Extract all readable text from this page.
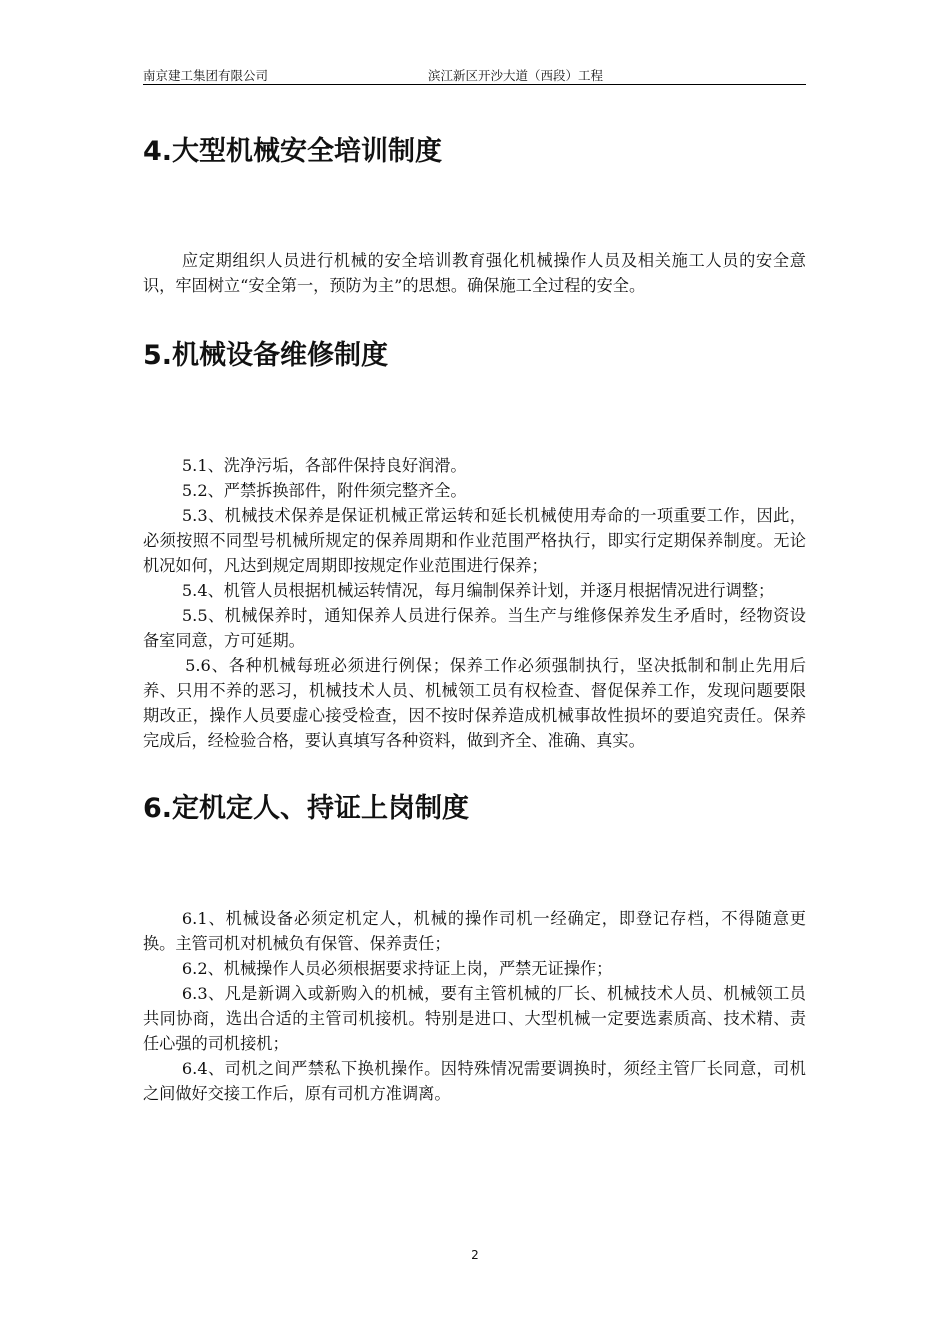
南京建工集团有限公司	滨江新区开沙大道（西段）工程
4.大型机械安全培训制度

应定期组织人员进行机械的安全培训教育强化机械操作人员及相关施工人员的安全意识，牢固树立“安全第一，预防为主”的思想。确保施工全过程的安全。

5.机械设备维修制度

5.1、洗净污垢，各部件保持良好润滑。

5.2、严禁拆换部件，附件须完整齐全。

5.3、机械技术保养是保证机械正常运转和延长机械使用寿命的一项重要工作，因此，必须按照不同型号机械所规定的保养周期和作业范围严格执行，即实行定期保养制度。无论机况如何，凡达到规定周期即按规定作业范围进行保养；

5.4、机管人员根据机械运转情况，每月编制保养计划，并逐月根据情况进行调整；

5.5、机械保养时，通知保养人员进行保养。当生产与维修保养发生矛盾时，经物资设备室同意，方可延期。

5.6、各种机械每班必须进行例保；保养工作必须强制执行，坚决抵制和制止先用后养、只用不养的恶习，机械技术人员、机械领工员有权检查、督促保养工作，发现问题要限期改正，操作人员要虚心接受检查，因不按时保养造成机械事故性损坏的要追究责任。保养完成后，经检验合格，要认真填写各种资料，做到齐全、准确、真实。

6.定机定人、持证上岗制度

6.1、机械设备必须定机定人，机械的操作司机一经确定，即登记存档，不得随意更换。主管司机对机械负有保管、保养责任；

6.2、机械操作人员必须根据要求持证上岗，严禁无证操作；

6.3、凡是新调入或新购入的机械，要有主管机械的厂长、机械技术人员、机械领工员共同协商，选出合适的主管司机接机。特别是进口、大型机械一定要选素质高、技术精、责任心强的司机接机；

6.4、司机之间严禁私下换机操作。因特殊情况需要调换时，须经主管厂长同意，司机之间做好交接工作后，原有司机方准调离。

2
